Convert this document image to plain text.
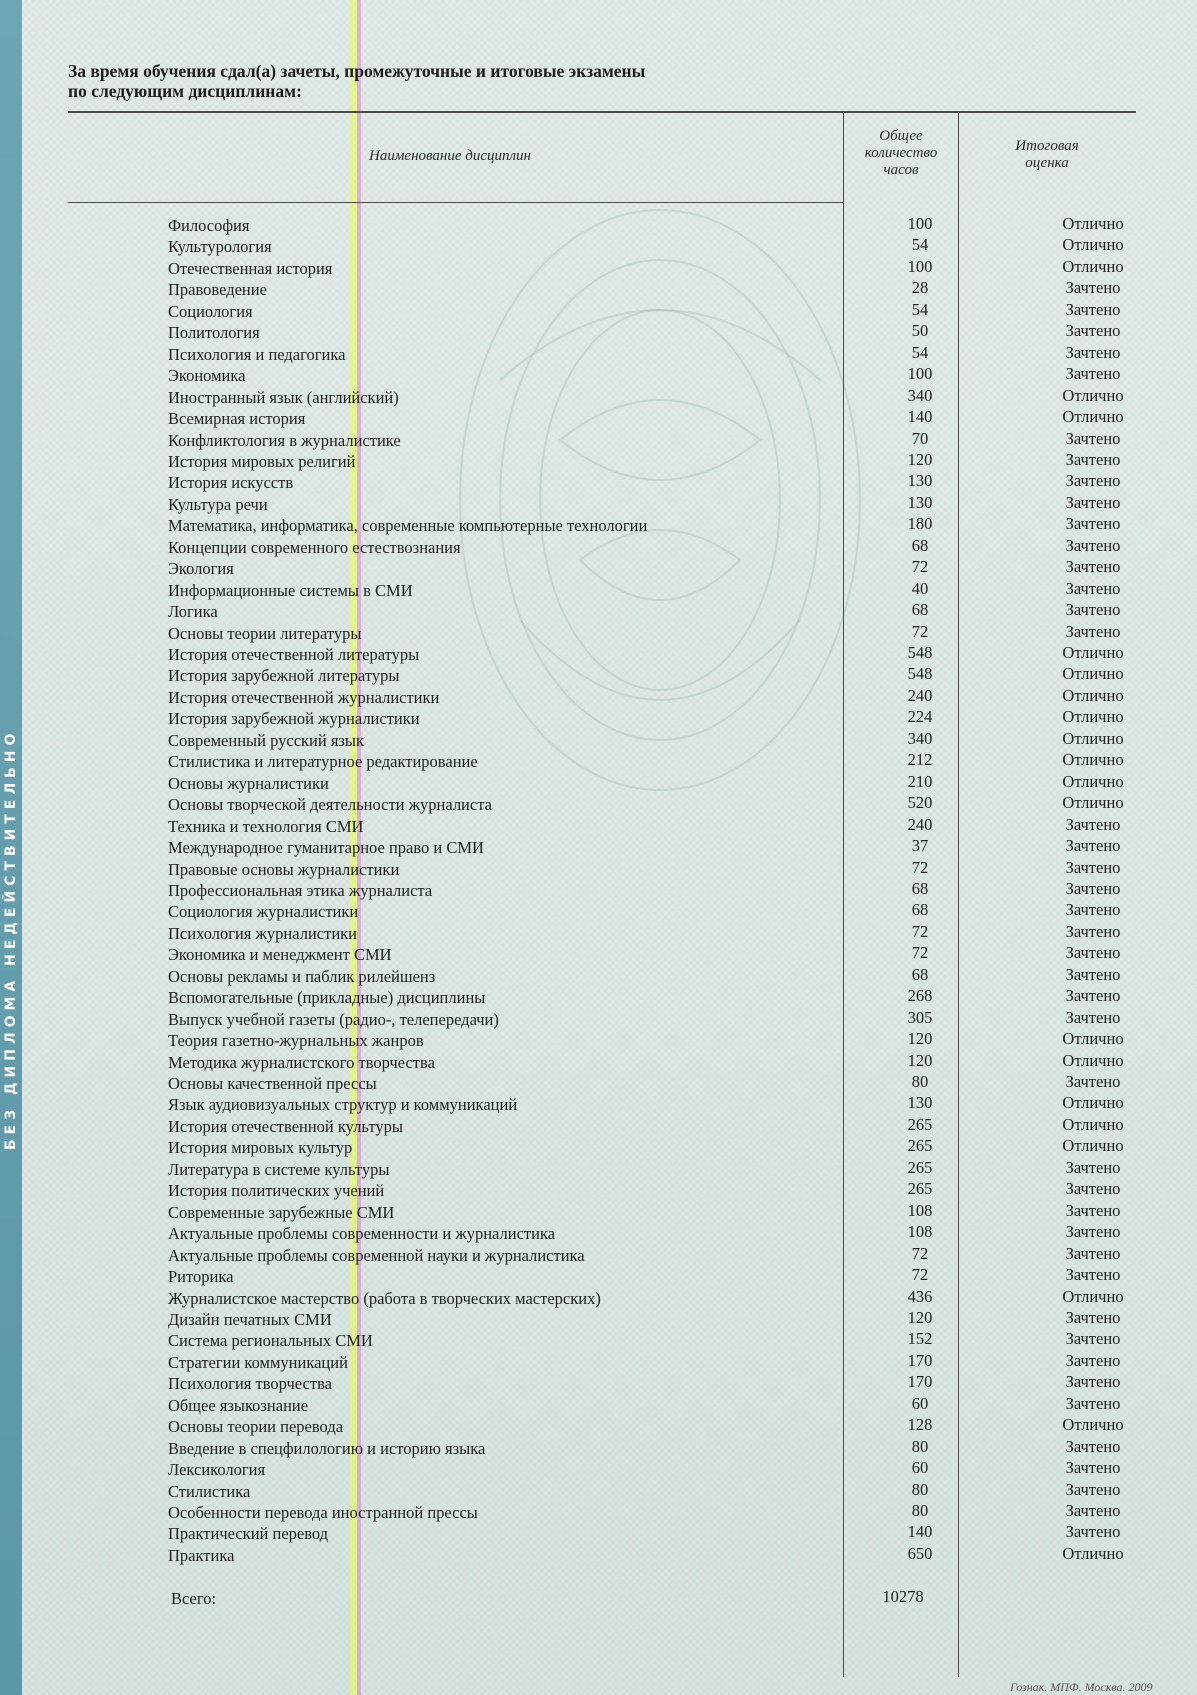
БЕЗ ДИПЛОМА НЕДЕЙСТВИТЕЛЬНО
За время обучения сдал(а) зачеты, промежуточные и итоговые экзамены
по следующим дисциплинам:
Наименование дисциплин
Общее
количество
часов
Итоговая
оценка
Философия	100	Отлично
Культурология	54	Отлично
Отечественная история	100	Отлично
Правоведение	28	Зачтено
Социология	54	Зачтено
Политология	50	Зачтено
Психология и педагогика	54	Зачтено
Экономика	100	Зачтено
Иностранный язык (английский)	340	Отлично
Всемирная история	140	Отлично
Конфликтология в журналистике	70	Зачтено
История мировых религий	120	Зачтено
История искусств	130	Зачтено
Культура речи	130	Зачтено
Математика, информатика, современные компьютерные технологии	180	Зачтено
Концепции современного естествознания	68	Зачтено
Экология	72	Зачтено
Информационные системы в СМИ	40	Зачтено
Логика	68	Зачтено
Основы теории литературы	72	Зачтено
История отечественной литературы	548	Отлично
История зарубежной литературы	548	Отлично
История отечественной журналистики	240	Отлично
История зарубежной журналистики	224	Отлично
Современный русский язык	340	Отлично
Стилистика и литературное редактирование	212	Отлично
Основы журналистики	210	Отлично
Основы творческой деятельности журналиста	520	Отлично
Техника и технология СМИ	240	Зачтено
Международное гуманитарное право и СМИ	37	Зачтено
Правовые основы журналистики	72	Зачтено
Профессиональная этика журналиста	68	Зачтено
Социология журналистики	68	Зачтено
Психология журналистики	72	Зачтено
Экономика и менеджмент СМИ	72	Зачтено
Основы рекламы и паблик рилейшенз	68	Зачтено
Вспомогательные (прикладные) дисциплины	268	Зачтено
Выпуск учебной газеты (радио-, телепередачи)	305	Зачтено
Теория газетно-журнальных жанров	120	Отлично
Методика журналистского творчества	120	Отлично
Основы качественной прессы	80	Зачтено
Язык аудиовизуальных структур и коммуникаций	130	Отлично
История отечественной культуры	265	Отлично
История мировых культур	265	Отлично
Литература в системе культуры	265	Зачтено
История политических учений	265	Зачтено
Современные зарубежные СМИ	108	Зачтено
Актуальные проблемы современности и журналистика	108	Зачтено
Актуальные проблемы современной науки и журналистика	72	Зачтено
Риторика	72	Зачтено
Журналистское мастерство (работа в творческих мастерских)	436	Отлично
Дизайн печатных СМИ	120	Зачтено
Система региональных СМИ	152	Зачтено
Стратегии коммуникаций	170	Зачтено
Психология творчества	170	Зачтено
Общее языкознание	60	Зачтено
Основы теории перевода	128	Отлично
Введение в спецфилологию и историю языка	80	Зачтено
Лексикология	60	Зачтено
Стилистика	80	Зачтено
Особенности перевода иностранной прессы	80	Зачтено
Практический перевод	140	Зачтено
Практика	650	Отлично
Всего:	10278
Гознак. МПФ. Москва. 2009
